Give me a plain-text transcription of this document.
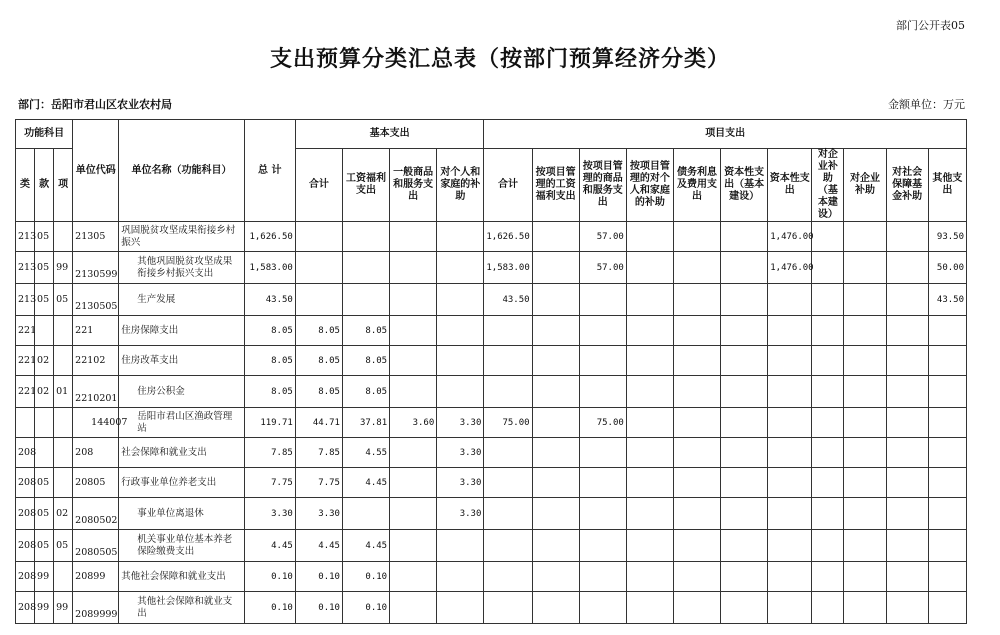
部门公开表05
支出预算分类汇总表（按部门预算经济分类）
部门：岳阳市君山区农业农村局	金额单位：万元
功能科目			单位代码	单位名称（功能科目）	总 计	基本支出				项目支出										
类	款	项				合计	工资福利支出	一般商品和服务支出	对个人和家庭的补助	合计	按项目管理的工资福利支出	按项目管理的商品和服务支出	按项目管理的对个人和家庭的补助	债务利息及费用支出	资本性支出（基本建设）	资本性支出	对企业补助（基本建设）	对企业补助	对社会保障基金补助	其他支出
213	05		21305	巩固脱贫攻坚成果衔接乡村振兴	1,626.50					1,626.50		57.00				1,476.00				93.50
213	05	99	2130599	其他巩固脱贫攻坚成果衔接乡村振兴支出	1,583.00					1,583.00		57.00				1,476.00				50.00
213	05	05	2130505	生产发展	43.50					43.50										43.50
221			221	住房保障支出	8.05	8.05	8.05													
221	02		22102	住房改革支出	8.05	8.05	8.05													
221	02	01	2210201	住房公积金	8.05	8.05	8.05													
			144007	岳阳市君山区渔政管理站	119.71	44.71	37.81	3.60	3.30	75.00		75.00								
208			208	社会保障和就业支出	7.85	7.85	4.55		3.30											
208	05		20805	行政事业单位养老支出	7.75	7.75	4.45		3.30											
208	05	02	2080502	事业单位离退休	3.30	3.30			3.30											
208	05	05	2080505	机关事业单位基本养老保险缴费支出	4.45	4.45	4.45													
208	99		20899	其他社会保障和就业支出	0.10	0.10	0.10													
208	99	99	2089999	其他社会保障和就业支出	0.10	0.10	0.10													
